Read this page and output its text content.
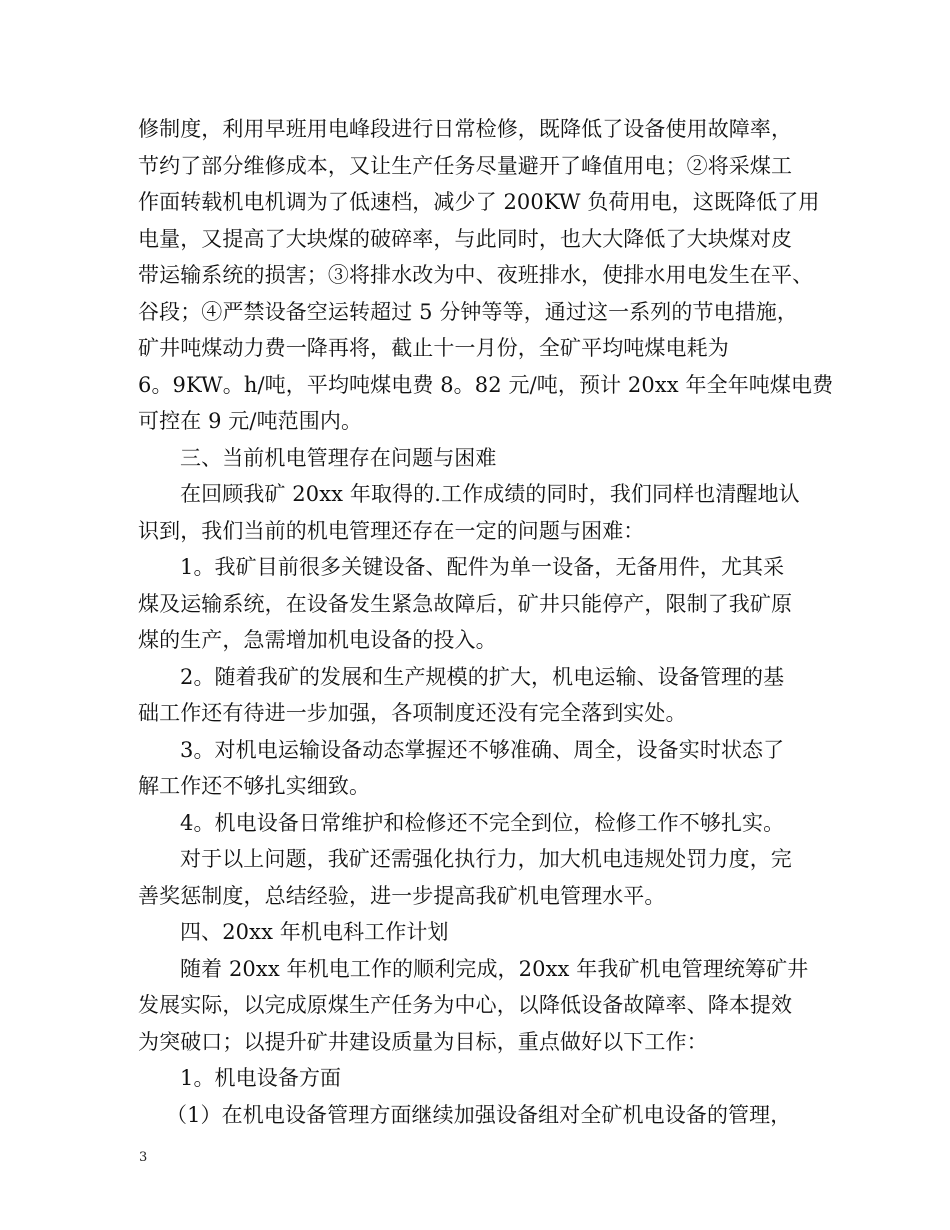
修制度，利用早班用电峰段进行日常检修，既降低了设备使用故障率，
节约了部分维修成本，又让生产任务尽量避开了峰值用电；②将采煤工
作面转载机电机调为了低速档，减少了 200KW 负荷用电，这既降低了用
电量，又提高了大块煤的破碎率，与此同时，也大大降低了大块煤对皮
带运输系统的损害；③将排水改为中、夜班排水，使排水用电发生在平、
谷段；④严禁设备空运转超过 5 分钟等等，通过这一系列的节电措施，
矿井吨煤动力费一降再将，截止十一月份，全矿平均吨煤电耗为
6。9KW。h/吨，平均吨煤电费 8。82 元/吨，预计 20xx 年全年吨煤电费
可控在 9 元/吨范围内。
三、当前机电管理存在问题与困难
在回顾我矿 20xx 年取得的.工作成绩的同时，我们同样也清醒地认
识到，我们当前的机电管理还存在一定的问题与困难：
1。我矿目前很多关键设备、配件为单一设备，无备用件，尤其采
煤及运输系统，在设备发生紧急故障后，矿井只能停产，限制了我矿原
煤的生产，急需增加机电设备的投入。
2。随着我矿的发展和生产规模的扩大，机电运输、设备管理的基
础工作还有待进一步加强，各项制度还没有完全落到实处。
3。对机电运输设备动态掌握还不够准确、周全，设备实时状态了
解工作还不够扎实细致。
4。机电设备日常维护和检修还不完全到位，检修工作不够扎实。
对于以上问题，我矿还需强化执行力，加大机电违规处罚力度，完
善奖惩制度，总结经验，进一步提高我矿机电管理水平。
四、20xx 年机电科工作计划
随着 20xx 年机电工作的顺利完成，20xx 年我矿机电管理统筹矿井
发展实际，以完成原煤生产任务为中心，以降低设备故障率、降本提效
为突破口；以提升矿井建设质量为目标，重点做好以下工作：
1。机电设备方面
（1）在机电设备管理方面继续加强设备组对全矿机电设备的管理，
3
